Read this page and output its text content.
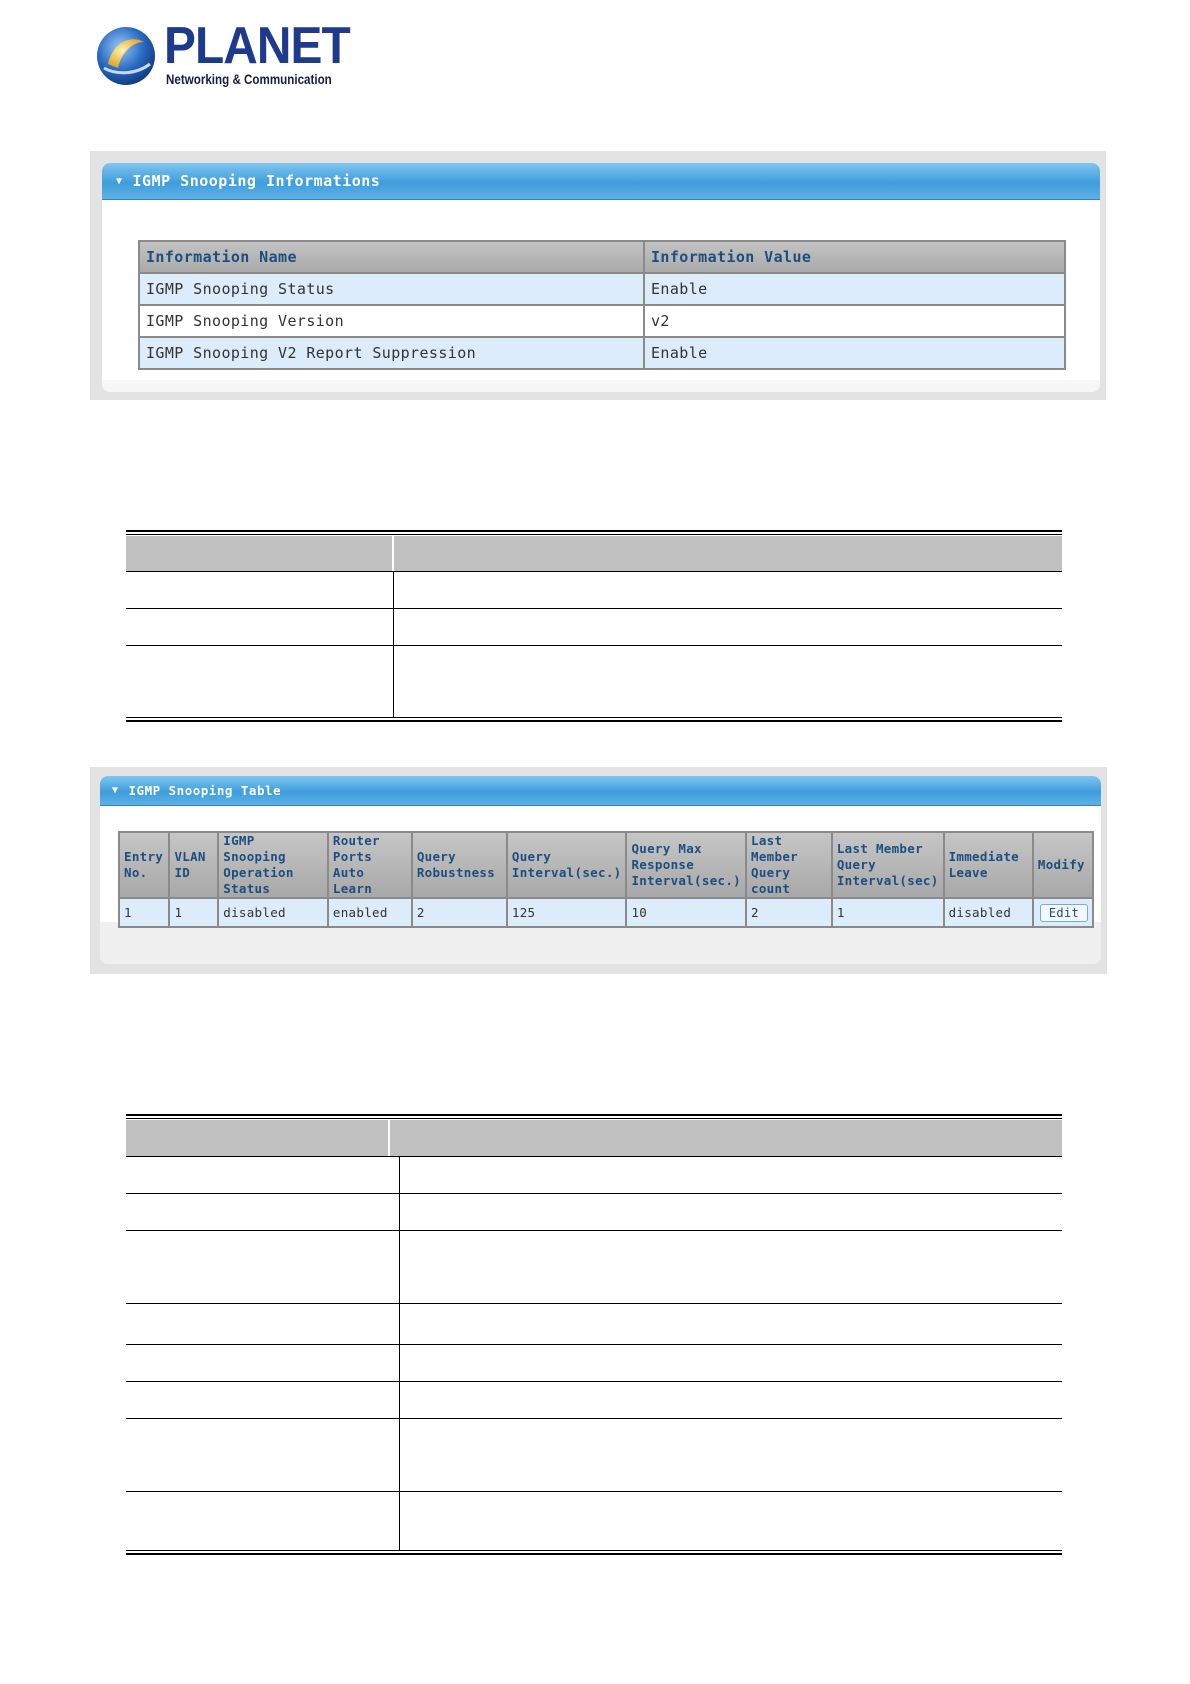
PLANET
Networking & Communication
▼ IGMP Snooping Informations
Information Name	Information Value
IGMP Snooping Status	Enable
IGMP Snooping Version	v2
IGMP Snooping V2 Report Suppression	Enable
▼ IGMP Snooping Table
Entry No.	VLAN ID	IGMP Snooping Operation Status	Router Ports Auto Learn	Query Robustness	Query Interval(sec.)	Query Max Response Interval(sec.)	Last Member Query count	Last Member Query Interval(sec)	Immediate Leave	Modify
1	1	disabled	enabled	2	125	10	2	1	disabled	Edit
